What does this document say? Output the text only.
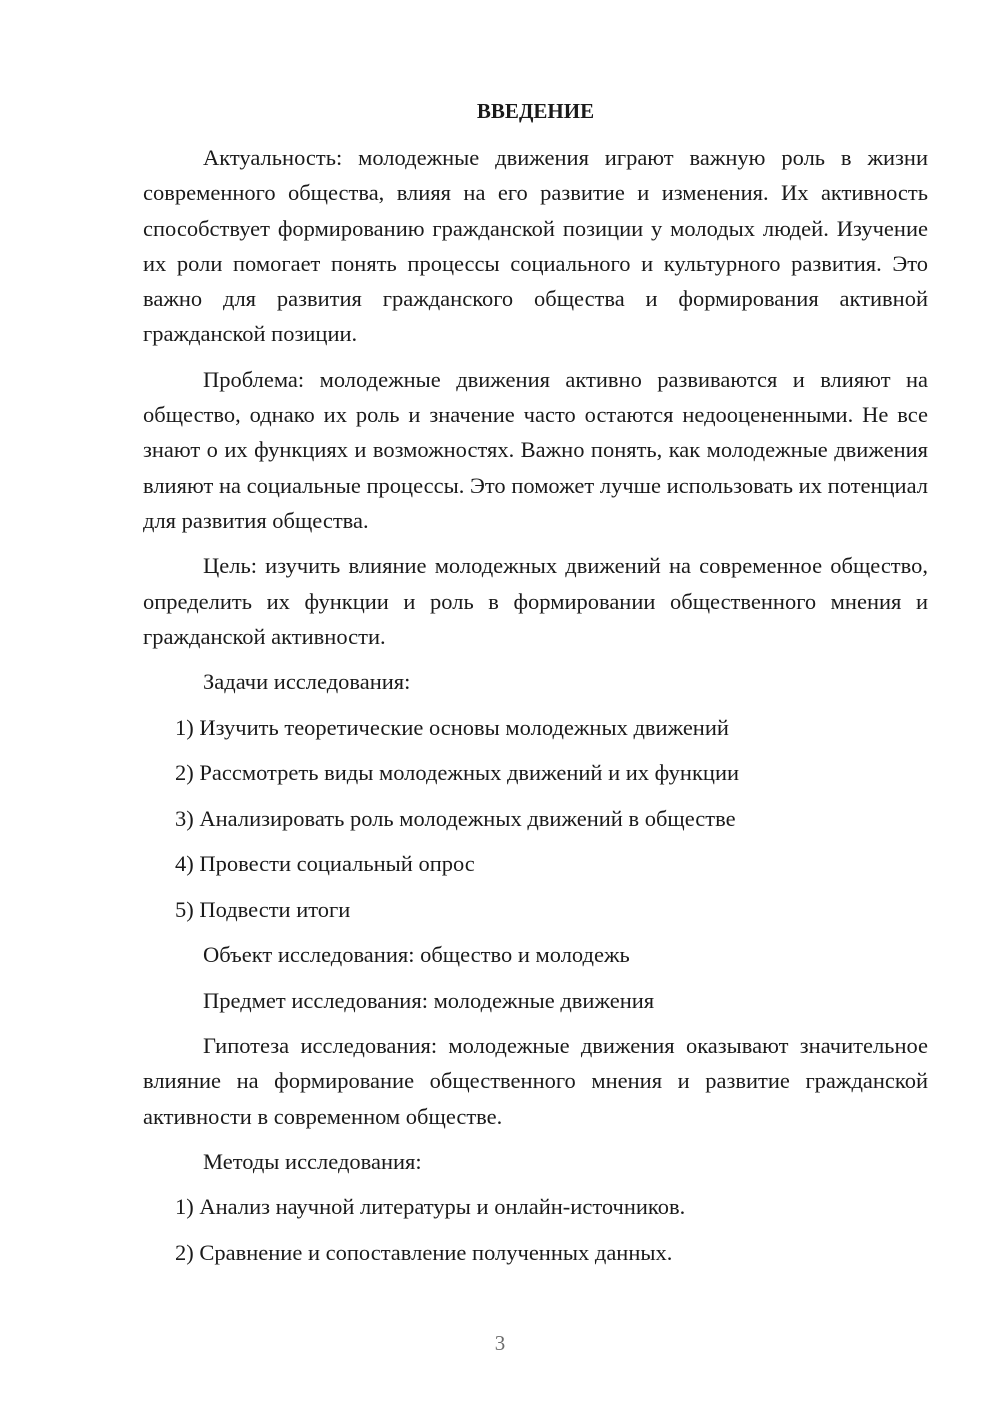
ВВЕДЕНИЕ

Актуальность: молодежные движения играют важную роль в жизни современного общества, влияя на его развитие и изменения. Их активность способствует формированию гражданской позиции у молодых людей. Изучение их роли помогает понять процессы социального и культурного развития. Это важно для развития гражданского общества и формирования активной гражданской позиции.

Проблема: молодежные движения активно развиваются и влияют на общество, однако их роль и значение часто остаются недооцененными. Не все знают о их функциях и возможностях. Важно понять, как молодежные движения влияют на социальные процессы. Это поможет лучше использовать их потенциал для развития общества.

Цель: изучить влияние молодежных движений на современное общество, определить их функции и роль в формировании общественного мнения и гражданской активности.

Задачи исследования:
1) Изучить теоретические основы молодежных движений
2) Рассмотреть виды молодежных движений и их функции
3) Анализировать роль молодежных движений в обществе
4) Провести социальный опрос
5) Подвести итоги
Объект исследования: общество и молодежь
Предмет исследования: молодежные движения

Гипотеза исследования: молодежные движения оказывают значительное влияние на формирование общественного мнения и развитие гражданской активности в современном обществе.

Методы исследования:
1) Анализ научной литературы и онлайн-источников.
2) Сравнение и сопоставление полученных данных.
3
